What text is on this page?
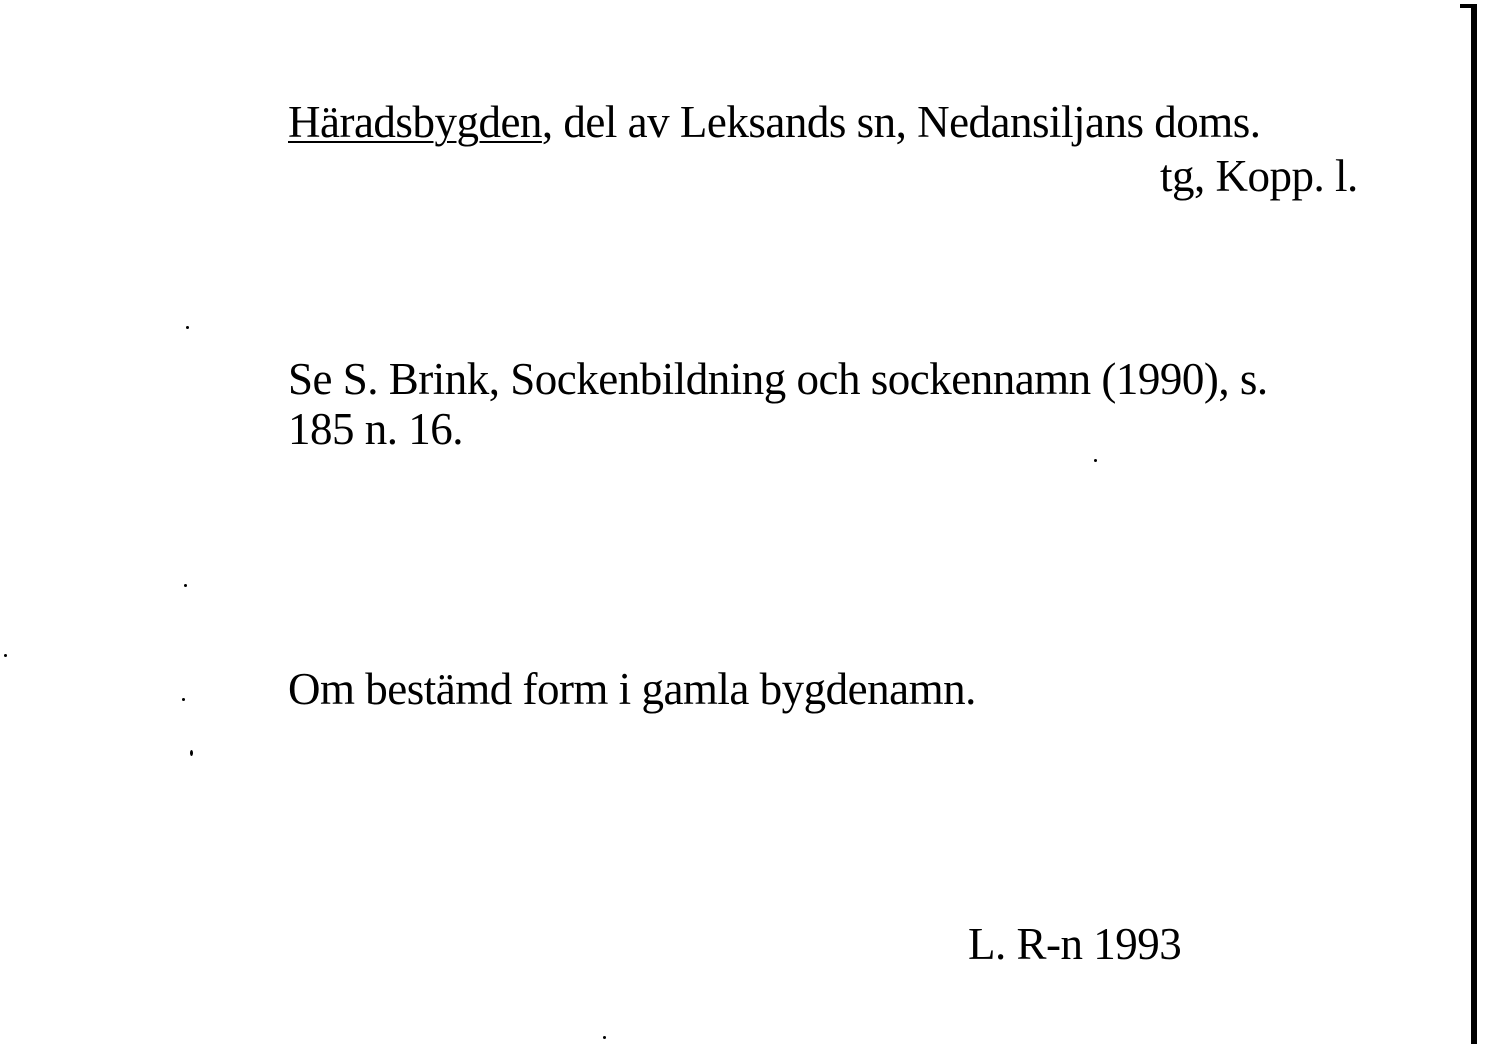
Häradsbygden, del av Leksands sn, Nedansiljans doms.
tg, Kopp. l.
Se S. Brink, Sockenbildning och sockennamn (1990), s.
185 n. 16.
Om bestämd form i gamla bygdenamn.
L. R-n 1993
